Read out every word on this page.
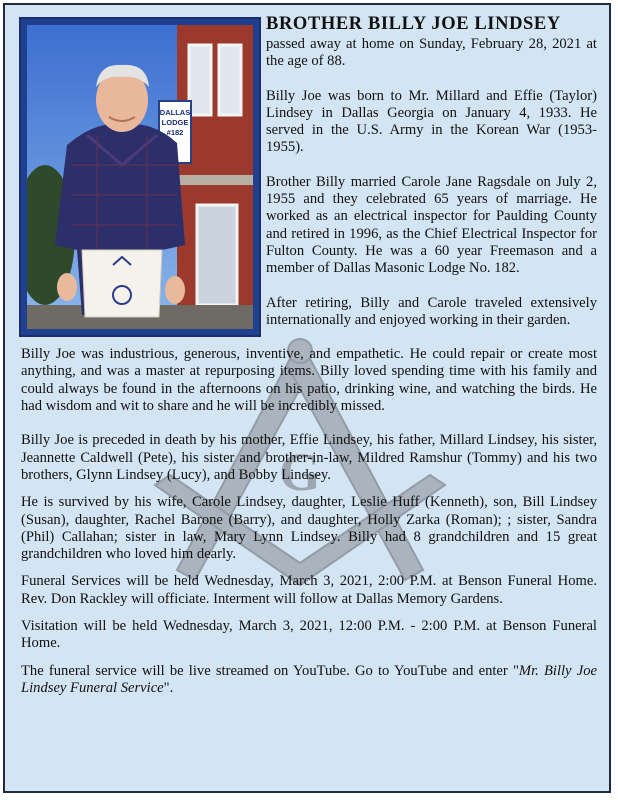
G
DALLAS
LODGE
#182
BROTHER BILLY JOE LINDSEY

passed away at home on Sunday, February 28, 2021 at the age of 88.

Billy Joe was born to Mr. Millard and Effie (Taylor) Lindsey in Dallas Georgia on January 4, 1933. He served in the U.S. Army in the Korean War (1953-1955).

Brother Billy married Carole Jane Ragsdale on July 2, 1955 and they celebrated 65 years of marriage. He worked as an electrical inspector for Paulding County and retired in 1996, as the Chief Electrical Inspector for Fulton County. He was a 60 year Freemason and a member of Dallas Masonic Lodge No. 182.

After retiring, Billy and Carole traveled extensively internationally and enjoyed working in their garden.

Billy Joe was industrious, generous, inventive, and empathetic. He could repair or create most anything, and was a master at repurposing items. Billy loved spending time with his family and could always be found in the afternoons on his patio, drinking wine, and watching the birds. He had wisdom and wit to share and he will be incredibly missed.

Billy Joe is preceded in death by his mother, Effie Lindsey, his father, Millard Lindsey, his sister, Jeannette Caldwell (Pete), his sister and brother-in-law, Mildred Ramshur (Tommy) and his two brothers, Glynn Lindsey (Lucy), and Bobby Lindsey.

He is survived by his wife, Carole Lindsey, daughter, Leslie Huff (Kenneth), son, Bill Lindsey (Susan), daughter, Rachel Barone (Barry), and daughter, Holly Zarka (Roman); ; sister, Sandra (Phil) Callahan; sister in law, Mary Lynn Lindsey. Billy had 8 grandchildren and 15 great grandchildren who loved him dearly.

Funeral Services will be held Wednesday, March 3, 2021, 2:00 P.M. at Benson Funeral Home. Rev. Don Rackley will officiate. Interment will follow at Dallas Memory Gardens.

Visitation will be held Wednesday, March 3, 2021, 12:00 P.M. - 2:00 P.M. at Benson Funeral Home.

The funeral service will be live streamed on YouTube. Go to YouTube and enter "Mr. Billy Joe Lindsey Funeral Service".
